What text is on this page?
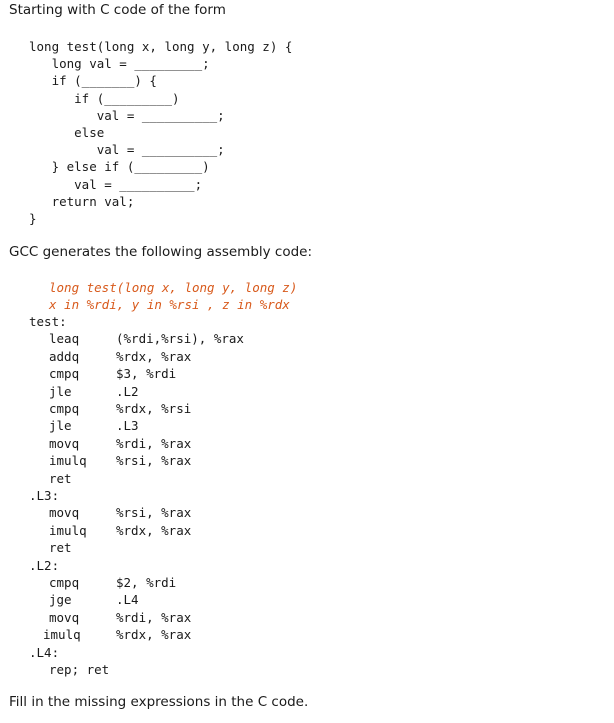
Starting with C code of the form
long test(long x, long y, long z) {
long val = _________;
if (_______) {
if (_________)
val = __________;
else
val = __________;
} else if (_________)
val = __________;
return val;
}
GCC generates the following assembly code:
long test(long x, long y, long z)
x in %rdi, y in %rsi , z in %rdx
test:
leaq	(%rdi,%rsi), %rax
addq	%rdx, %rax
cmpq	$3, %rdi
jle	.L2
cmpq	%rdx, %rsi
jle	.L3
movq	%rdi, %rax
imulq %rsi, %rax
ret
.L3:
movq	%rsi, %rax
imulq %rdx, %rax
ret
.L2:
cmpq	$2, %rdi
jge	.L4
movq	%rdi, %rax
imulq	%rdx, %rax
.L4:
rep; ret
Fill in the missing expressions in the C code.
